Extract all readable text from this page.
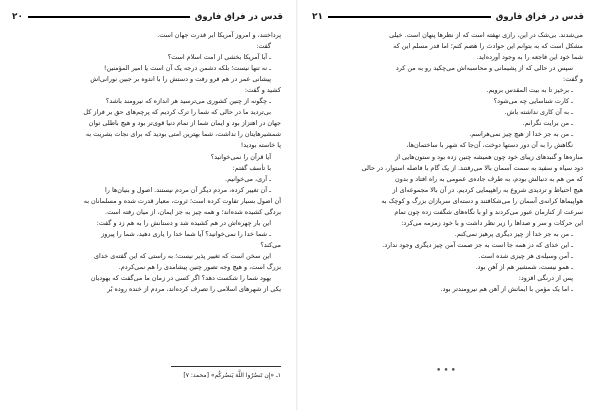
قدس در فراق فاروق
۲۰
پرداختند، و امروز آمریکا ابر قدرت جهان است.
گفت:
ـ آیا آمریکا بخشی از امت اسلام است؟
ـ نه تنها نیست؛ بلکه دشمن درجه یک آن است یا امیر المؤمنین!
پیشانی عمر در هم فرو رفت و دستش را با اندوه بر جبین نورانی‌اش
کشید و گفت:
ـ چگونه از چنین کشوری می‌ترسید هر اندازه که نیرومند باشد؟
بی‌تردید ما در حالی که شما را ترک کردیم که پرچم‌های حق بر فراز کل
جهان در اهتزاز بود و ایمان شما از تمام دنیا قوی‌تر بود و هیچ باطلی توان
شمشیرهایتان را نداشت، شما بهترین امتی بودید که برای نجات بشریت به
پا خاسته بودید!
آیا قرآن را نمی‌خوانید؟
با تأسف گفتم:
ـ آری، می‌خوانیم.
ـ آن تغییر کرده، مردم دیگر آن مردم نیستند. اصول و بنیان‌ها را
آن اصول بسیار تفاوت کرده است؛ ثروت، معیار قدرت شده و مسلمانان به
بردگی کشیده شده‌اند؛ و همه چیز به جز ایمان، از میان رفته است.
این بار چهره‌اش در هم کشیده شد و دستانش را به هم زد و گفت:
ـ شما خدا را نمی‌خوانید؟ آیا شما خدا را یاری دهید، شما را پیروز
می‌کند؟
این سخن است که تغییر پذیر نیست؛ به راستی که این گفته‌ی خدای
بزرگ است، و هیچ وجه تصور چنین پیشامدی را هم نمی‌کردم.
یهود شما را شکست دهد؟ اگر کسی در زمان ما می‌گفت که یهودیان
یکی از شهرهای اسلامی را تصرف کرده‌اند، مردم از خنده روده بُر
۱ـ «إِن تَنصُرُوا اللَّهَ یَنصُرکُم» [محمد: ۷]
قدس در فراق فاروق
۲۱
می‌شدند. بی‌شک در این، رازی نهفته است که از نظرها پنهان است. خیلی
مشکل است که به بتوانم این حوادث را هضم کنم؛ اما قدر مسلم این که
شما خود این فاجعه را به وجود آورده‌اید.
سپس در حالی که از پشیمانی و محاسبه‌اش می‌چکید رو به من کرد
و گفت:
ـ برخیز تا به بیت المقدس برویم.
ـ کارت شناسایی چه می‌شود؟
ـ به آن کاری نداشته باش.
ـ من برایت نگرانم.
ـ من به جز خدا از هیچ چیز نمی‌هراسم.
نگاهش را به آن دور دستها دوخت، آن‌جا که شهر با ساختمان‌ها،
مناره‌ها و گنبدهای زیبای خود چون همیشه چنین زده بود و ستون‌هایی از
دود سیاه و سفید به سمت آسمان بالا می‌رفتند. از یک گام با فاصله استوار، در حالی
که من هم به دنبالش بودم، به طرف جاده‌ی عمومی به راه افتاد و بدون
هیچ احتیاط و تردیدی شروع به راهپیمایی کردیم. در آن بالا مجموعه‌ای از
هواپیماها کرانه‌ی آسمان را می‌شکافتند و دسته‌ای سربازان بزرگ و کوچک به
سرعت از کنارمان عبور می‌کردند و او با نگاه‌های شگفت زده چون تمام
این حرکات و سر و صداها را زیر نظر داشت و با خود زمزمه می‌کرد:
ـ من به جز خدا از چیز دیگری پرهیز نمی‌کنم.
ـ این خدای که در همه جا است به جز صمت آمن چیز دیگری وجود ندارد.
ـ آمن وسیله‌ی هر چیزی شده است.
ـ همو نیست، شمشیر هم از آهن بود.
پس از درنگی افزود:
ـ اما یک مؤمن با ایمانش از آهن هم نیرومندتر بود.
•••
